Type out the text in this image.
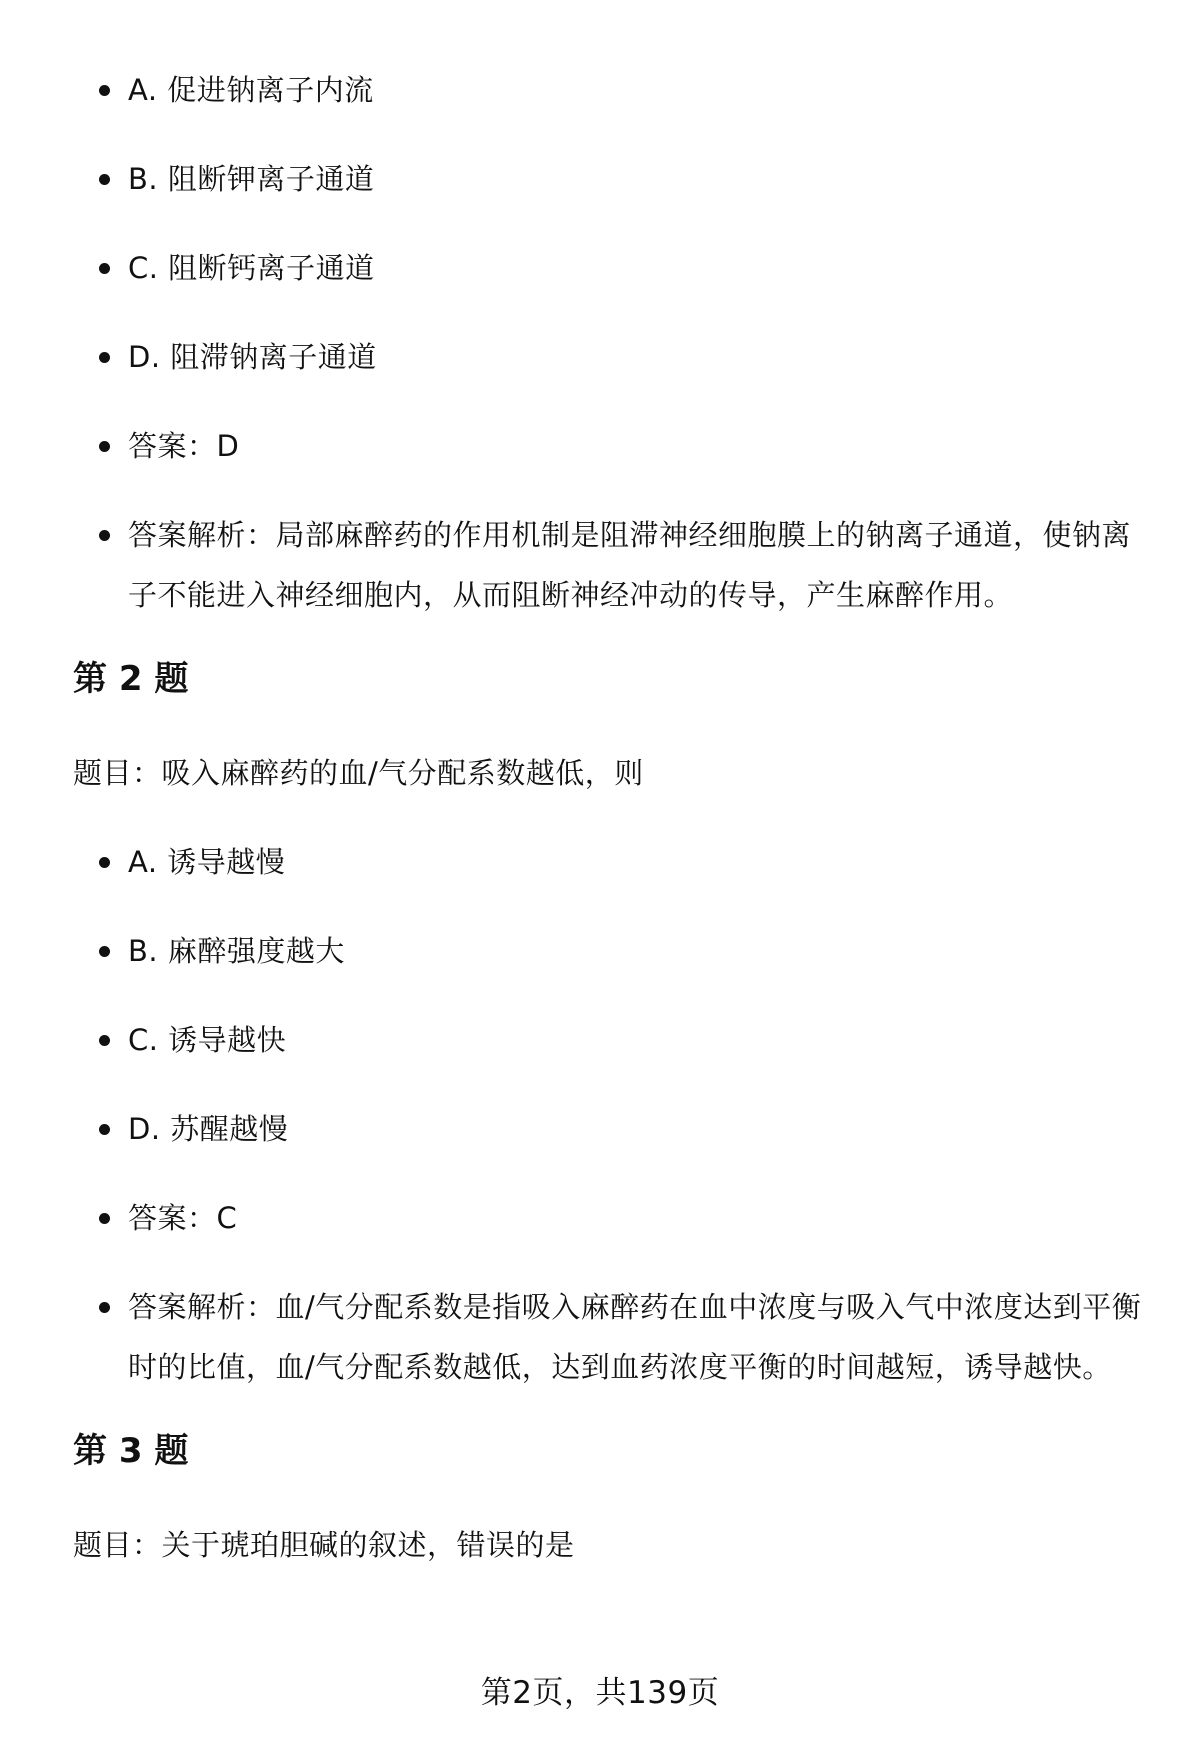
A. 促进钠离子内流
B. 阻断钾离子通道
C. 阻断钙离子通道
D. 阻滞钠离子通道
答案：D
答案解析：局部麻醉药的作用机制是阻滞神经细胞膜上的钠离子通道，使钠离子不能进入神经细胞内，从而阻断神经冲动的传导，产生麻醉作用。
第 2 题
题目：吸入麻醉药的血/气分配系数越低，则
A. 诱导越慢
B. 麻醉强度越大
C. 诱导越快
D. 苏醒越慢
答案：C
答案解析：血/气分配系数是指吸入麻醉药在血中浓度与吸入气中浓度达到平衡时的比值，血/气分配系数越低，达到血药浓度平衡的时间越短，诱导越快。
第 3 题
题目：关于琥珀胆碱的叙述，错误的是
第2页，共139页
